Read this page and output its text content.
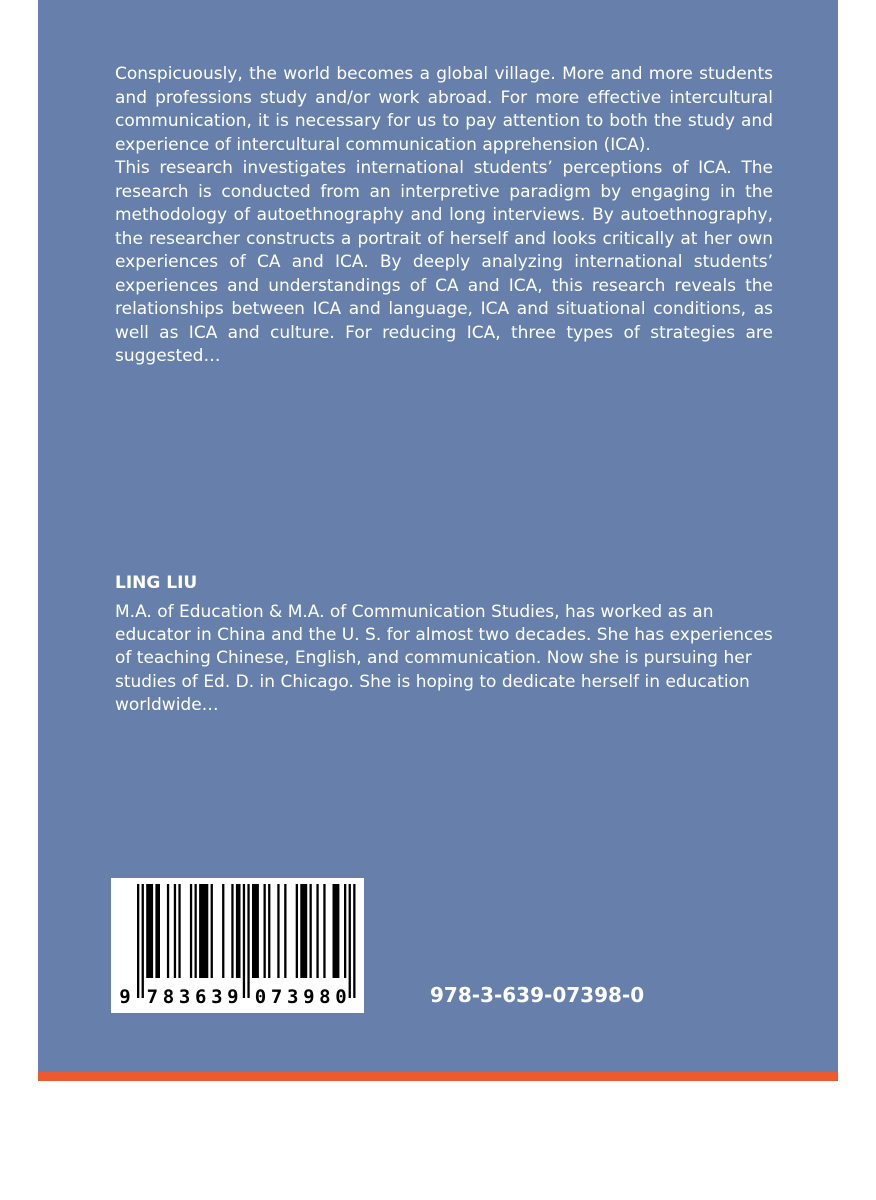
Conspicuously, the world becomes a global village. More and more students and professions study and/or work abroad. For more effective intercultural communication, it is necessary for us to pay attention to both the study and experience of intercultural communication apprehension (ICA).

This research investigates international students’ perceptions of ICA. The research is conducted from an interpretive paradigm by engaging in the methodology of autoethnography and long interviews. By autoethnography, the researcher constructs a portrait of herself and looks critically at her own experiences of CA and ICA. By deeply analyzing international students’ experiences and understandings of CA and ICA, this research reveals the relationships between ICA and language, ICA and situational conditions, as well as ICA and culture. For reducing ICA, three types of strategies are suggested…

LING LIU

M.A. of Education & M.A. of Communication Studies, has worked as an educator in China and the U. S. for almost two decades. She has experiences of teaching Chinese, English, and communication. Now she is pursuing her studies of Ed. D. in Chicago. She is hoping to dedicate herself in education worldwide…

9 7 8 3 6 3 9 0 7 3 9 8 0	978-3-639-07398-0
